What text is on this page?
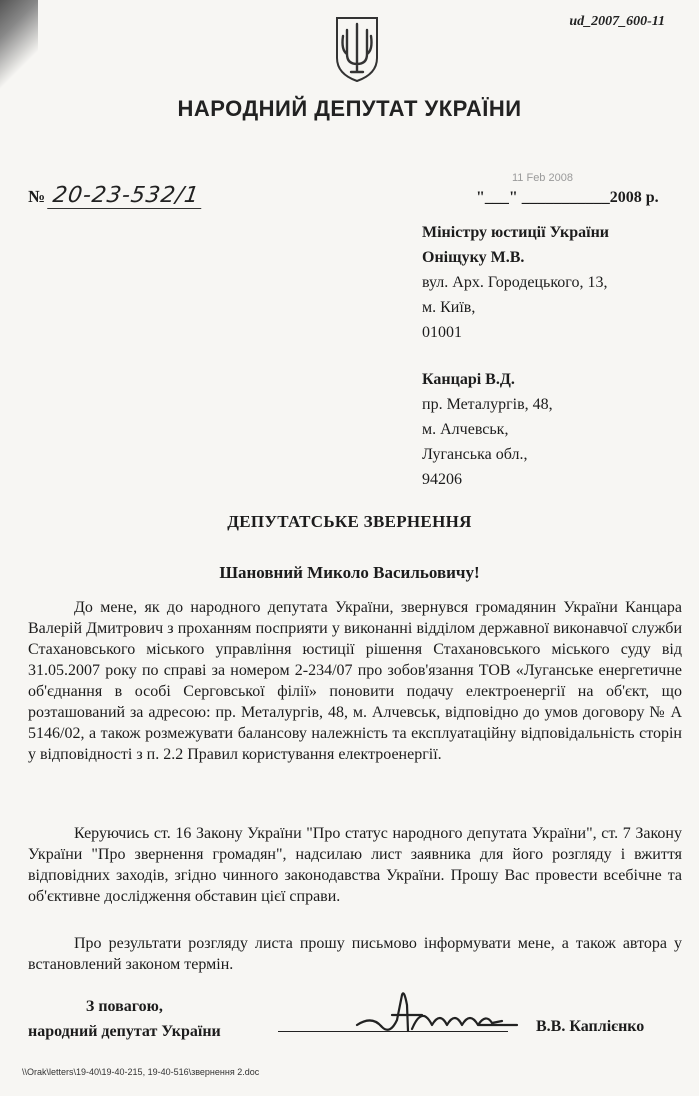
ud_2007_600-11
НАРОДНИЙ ДЕПУТАТ УКРАЇНИ
№ 20-23-532/1
11 Feb 2008
"___" ___________2008 р.
Міністру юстиції України
Оніщуку М.В.
вул. Арх. Городецького, 13,
м. Київ,
01001
Канцарі В.Д.
пр. Металургів, 48,
м. Алчевськ,
Луганська обл.,
94206
ДЕПУТАТСЬКЕ ЗВЕРНЕННЯ
Шановний Миколо Васильовичу!

До мене, як до народного депутата України, звернувся громадянин України Канцара Валерій Дмитрович з проханням посприяти у виконанні відділом державної виконавчої служби Стахановського міського управління юстиції рішення Стахановського міського суду від 31.05.2007 року по справі за номером 2-234/07 про зобов'язання ТОВ «Луганське енергетичне об'єднання в особі Серговської філії» поновити подачу електроенергії на об'єкт, що розташований за адресою: пр. Металургів, 48, м. Алчевськ, відповідно до умов договору № А 5146/02, а також розмежувати балансову належність та експлуатаційну відповідальність сторін у відповідності з п. 2.2 Правил користування електроенергії.

Керуючись ст. 16 Закону України "Про статус народного депутата України", ст. 7 Закону України "Про звернення громадян", надсилаю лист заявника для його розгляду і вжиття відповідних заходів, згідно чинного законодавства України. Прошу Вас провести всебічне та об'єктивне дослідження обставин цієї справи.

Про результати розгляду листа прошу письмово інформувати мене, а також автора у встановлений законом термін.

З повагою,
народний депутат України	В.В. Каплієнко
\\Orak\letters\19-40\19-40-215, 19-40-516\звернення 2.doc
